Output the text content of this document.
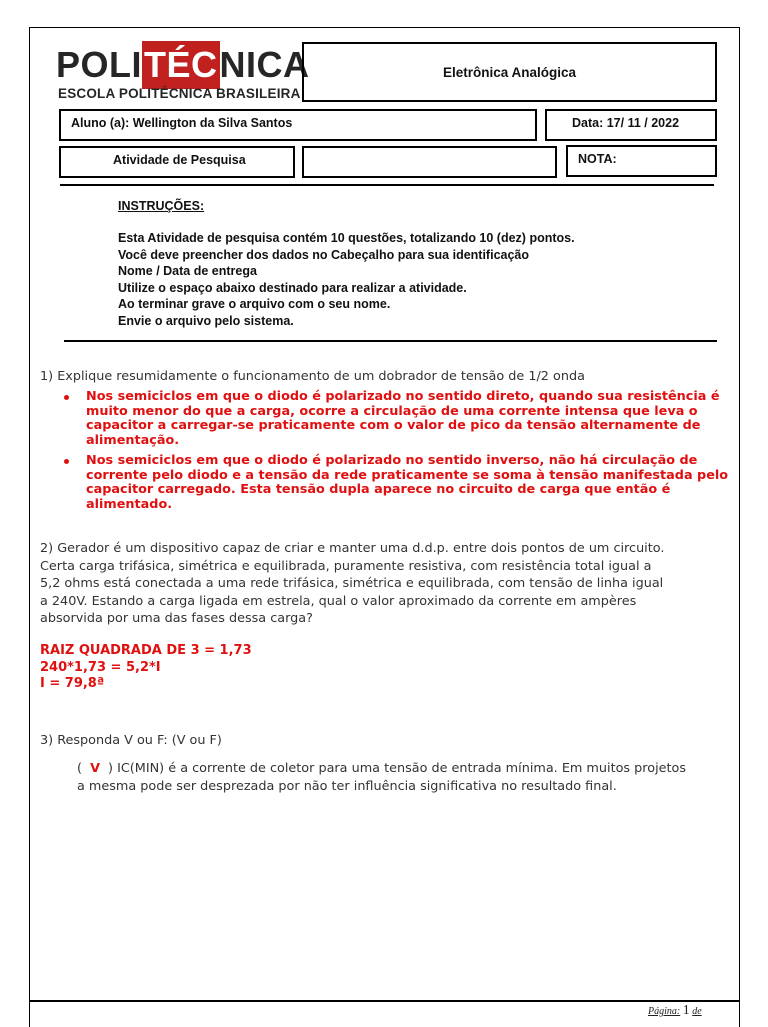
POLITÉCNICA
ESCOLA POLITÉCNICA BRASILEIRA
Eletrônica Analógica
Aluno (a): Wellington da Silva Santos	Data: 17/ 11 / 2022
Atividade de Pesquisa	NOTA:
INSTRUÇÕES:
Esta Atividade de pesquisa contém 10 questões, totalizando 10 (dez) pontos.
Você deve preencher dos dados no Cabeçalho para sua identificação
Nome / Data de entrega
Utilize o espaço abaixo destinado para realizar a atividade.
Ao terminar grave o arquivo com o seu nome.
Envie o arquivo pelo sistema.
1) Explique resumidamente o funcionamento de um dobrador de tensão de 1/2 onda
Nos semiciclos em que o diodo é polarizado no sentido direto, quando sua resistência é
muito menor do que a carga, ocorre a circulação de uma corrente intensa que leva o
capacitor a carregar-se praticamente com o valor de pico da tensão alternamente de
alimentação.
Nos semiciclos em que o diodo é polarizado no sentido inverso, não há circulação de
corrente pelo diodo e a tensão da rede praticamente se soma à tensão manifestada pelo
capacitor carregado. Esta tensão dupla aparece no circuito de carga que então é
alimentado.
2) Gerador é um dispositivo capaz de criar e manter uma d.d.p. entre dois pontos de um circuito.
Certa carga trifásica, simétrica e equilibrada, puramente resistiva, com resistência total igual a
5,2 ohms está conectada a uma rede trifásica, simétrica e equilibrada, com tensão de linha igual
a 240V. Estando a carga ligada em estrela, qual o valor aproximado da corrente em ampères
absorvida por uma das fases dessa carga?
RAIZ QUADRADA DE 3 = 1,73
240*1,73 = 5,2*I
I = 79,8ª
3) Responda V ou F: (V ou F)
( V ) IC(MIN) é a corrente de coletor para uma tensão de entrada mínima. Em muitos projetos
a mesma pode ser desprezada por não ter influência significativa no resultado final.
Página: 1 de
